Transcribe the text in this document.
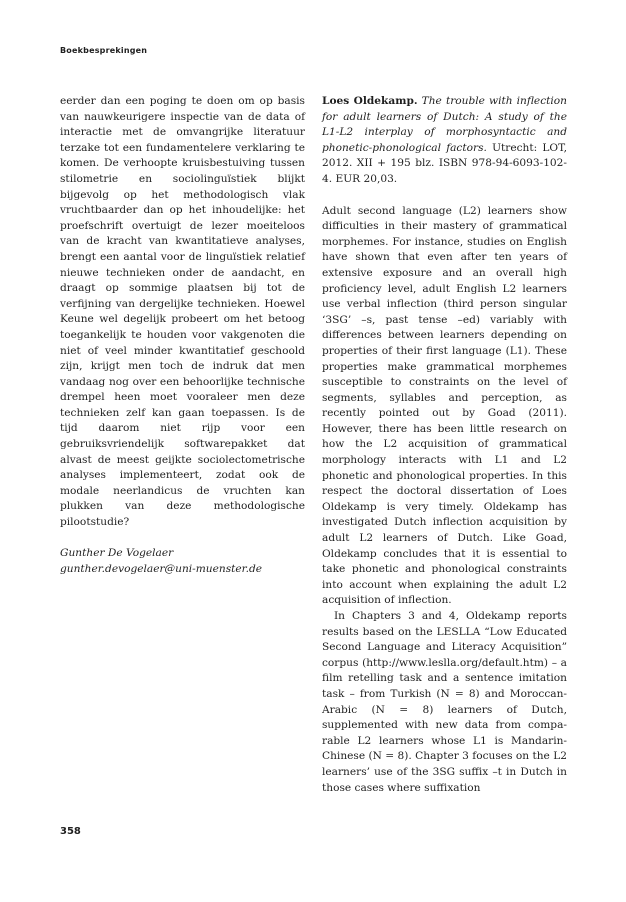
Boekbesprekingen

eerder dan een poging te doen om op basis van nauwkeurigere inspectie van de data of interactie met de omvangrijke literatuur terzake tot een fundamentelere verklaring te komen. De verhoopte kruisbestuiving tussen stilometrie en sociolinguïstiek blijkt bijgevolg op het methodologisch vlak vruchtbaarder dan op het inhoudelijke: het proefschrift overtuigt de lezer moeiteloos van de kracht van kwantitatieve analyses, brengt een aantal voor de linguïstiek relatief nieuwe technieken onder de aandacht, en draagt op sommige plaatsen bij tot de verfijning van dergelijke technieken. Hoewel Keune wel degelijk probeert om het betoog toegankelijk te houden voor vakgenoten die niet of veel minder kwantitatief geschoold zijn, krijgt men toch de indruk dat men vandaag nog over een behoorlijke technische drempel heen moet vooraleer men deze technieken zelf kan gaan toepassen. Is de tijd daarom niet rijp voor een gebruiksvriendelijk softwarepakket dat alvast de meest geijkte sociolectometrische analyses implementeert, zodat ook de modale neerlandicus de vruchten kan plukken van deze methodologische pilootstudie?

Gunther De Vogelaer

gunther.devogelaer@uni-muenster.de

Loes Oldekamp. The trouble with inflection for adult learners of Dutch: A study of the L1-L2 interplay of morphosyntactic and phonetic-phonological factors. Utrecht: LOT, 2012. XII + 195 blz. ISBN 978-94-6093-102-4. EUR 20,03.

Adult second language (L2) learners show difficulties in their mastery of grammatical morphemes. For instance, studies on English have shown that even after ten years of extensive exposure and an overall high proficiency level, adult English L2 learners use verbal inflection (third person singular ‘3SG’ –s, past tense –ed) variably with differences between learners depending on properties of their first language (L1). These properties make grammatical morphemes susceptible to constraints on the level of segments, syllables and perception, as recently pointed out by Goad (2011). However, there has been little research on how the L2 acquisition of grammatical morphology interacts with L1 and L2 phonetic and phonological properties. In this respect the doctoral dissertation of Loes Oldekamp is very timely. Oldekamp has investigated Dutch inflection acquisition by adult L2 learners of Dutch. Like Goad, Oldekamp concludes that it is essential to take phonetic and phonological constraints into account when explaining the adult L2 acquisition of inflection.

In Chapters 3 and 4, Oldekamp reports results based on the LESLLA “Low Educated Second Language and Literacy Acquisition” corpus (http://www.leslla.org/default.htm) – a film retelling task and a sentence imitation task – from Turkish (N = 8) and Moroccan-Arabic (N = 8) learners of Dutch, supplemented with new data from comparable L2 learners whose L1 is Mandarin-Chinese (N = 8). Chapter 3 focuses on the L2 learners’ use of the 3SG suffix –t in Dutch in those cases where suffixation

358
